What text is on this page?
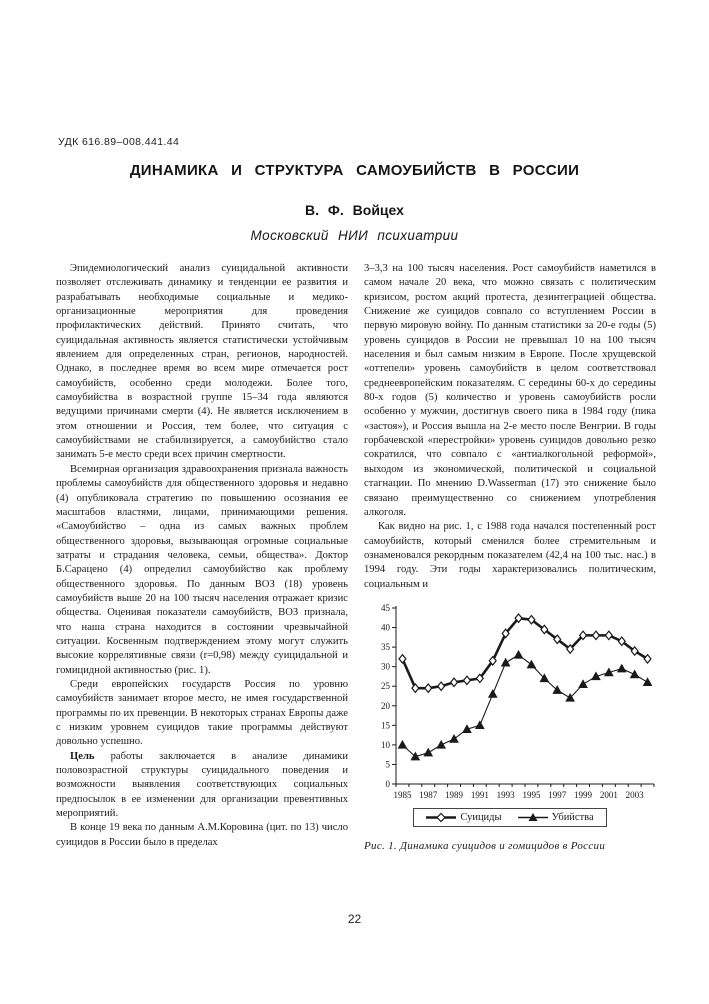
УДК 616.89–008.441.44
ДИНАМИКА И СТРУКТУРА САМОУБИЙСТВ В РОССИИ
В. Ф. Войцех
Московский НИИ психиатрии

Эпидемиологический анализ суицидальной активности позволяет отслеживать динамику и тенденции ее развития и разрабатывать необходимые социальные и медико-организационные мероприятия для проведения профилактических действий. Принято считать, что суицидальная активность является статистически устойчивым явлением для определенных стран, регионов, народностей. Однако, в последнее время во всем мире отмечается рост самоубийств, особенно среди молодежи. Более того, самоубийства в возрастной группе 15–34 года являются ведущими причинами смерти (4). Не является исключением в этом отношении и Россия, тем более, что ситуация с самоубийствами не стабилизируется, а самоубийство стало занимать 5-е место среди всех причин смертности.

Всемирная организация здравоохранения признала важность проблемы самоубийств для общественного здоровья и недавно (4) опубликовала стратегию по повышению осознания ее масштабов властями, лицами, принимающими решения. «Самоубийство – одна из самых важных проблем общественного здоровья, вызывающая огромные социальные затраты и страдания человека, семьи, общества». Доктор Б.Сарацено (4) определил самоубийство как проблему общественного здоровья. По данным ВОЗ (18) уровень самоубийств выше 20 на 100 тысяч населения отражает кризис общества. Оценивая показатели самоубийств, ВОЗ признала, что наша страна находится в состоянии чрезвычайной ситуации. Косвенным подтверждением этому могут служить высокие коррелятивные связи (r=0,98) между суицидальной и гомицидной активностью (рис. 1).

Среди европейских государств Россия по уровню самоубийств занимает второе место, не имея государственной программы по их превенции. В некоторых странах Европы даже с низким уровнем суицидов такие программы действуют довольно успешно.

Цель работы заключается в анализе динамики половозрастной структуры суицидального поведения и возможности выявления соответствующих социальных предпосылок в ее изменении для организации превентивных мероприятий.

В конце 19 века по данным А.М.Коровина (цит. по 13) число суицидов в России было в пределах

3–3,3 на 100 тысяч населения. Рост самоубийств наметился в самом начале 20 века, что можно связать с политическим кризисом, ростом акций протеста, дезинтеграцией общества. Снижение же суицидов совпало со вступлением России в первую мировую войну. По данным статистики за 20-е годы (5) уровень суицидов в России не превышал 10 на 100 тысяч населения и был самым низким в Европе. После хрущевской «оттепели» уровень самоубийств в целом соответствовал среднеевропейским показателям. С середины 60-х до середины 80-х годов (5) количество и уровень самоубийств росли особенно у мужчин, достигнув своего пика в 1984 году (пика «застоя»), и Россия вышла на 2-е место после Венгрии. В годы горбачевской «перестройки» уровень суицидов довольно резко сократился, что совпало с «антиалкогольной реформой», выходом из экономической, политической и социальной стагнации. По мнению D.Wasserman (17) это снижение было связано преимущественно со снижением употребления алкоголя.

Как видно на рис. 1, с 1988 года начался постепенный рост самоубийств, который сменился более стремительным и ознаменовался рекордным показателем (42,4 на 100 тыс. нас.) в 1994 году. Эти годы характеризовались политическим, социальным и

0
5
10
15
20
25
30
35
40
45
1985 1987 1989 1991 1993 1995 1997 1999 2001 2003
Суициды	Убийства
Рис. 1. Динамика суицидов и гомицидов в России
22
